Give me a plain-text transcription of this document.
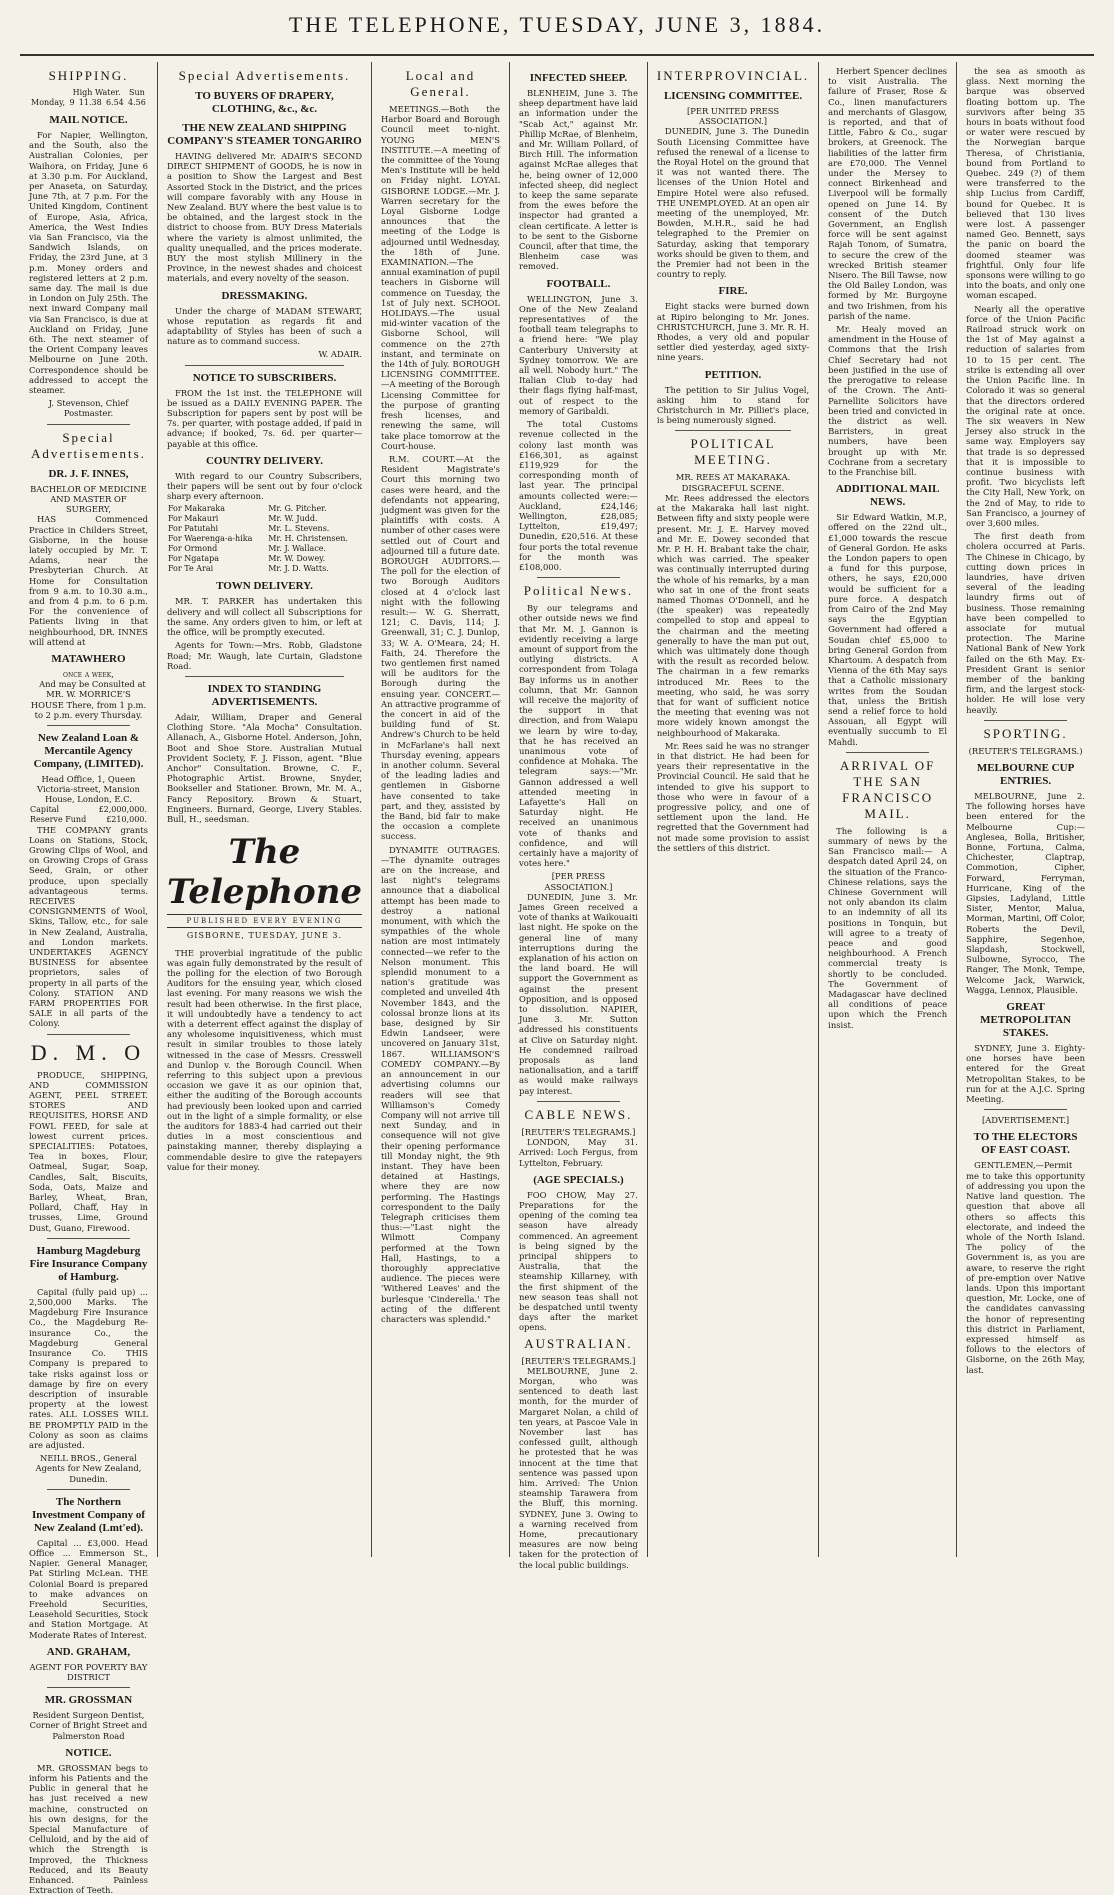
THE TELEPHONE, TUESDAY, JUNE 3, 1884.
SHIPPING.
	High Water.			Sun
Monday,	9	11.38	6.54	4.56
MAIL NOTICE.
For Napier, Wellington, and the South, also the Australian Colonies, per Waihora, on Friday, June 6 at 3.30 p.m. For Auckland, per Anaseta, on Saturday, June 7th, at 7 p.m. For the United Kingdom, Continent of Europe, Asia, Africa, America, the West Indies via San Francisco, via the Sandwich Islands, on Friday, the 23rd June, at 3 p.m. Money orders and registered letters at 2 p.m. same day. The mail is due in London on July 25th. The next inward Company mail via San Francisco, is due at Auckland on Friday, June 6th. The next steamer of the Orient Company leaves Melbourne on June 20th. Correspondence should be addressed to accept the steamer.
J. Stevenson, Chief Postmaster.
Special Advertisements.
DR. J. F. INNES,
BACHELOR OF MEDICINE AND MASTER OF SURGERY,
HAS Commenced Practice in Childers Street, Gisborne, in the house lately occupied by Mr. T. Adams, near the Presbyterian Church. At Home for Consultation from 9 a.m. to 10.30 a.m., and from 4 p.m. to 6 p.m. For the convenience of Patients living in that neighbourhood, DR. INNES will attend at
MATAWHERO
once a week,
And may be Consulted at MR. W. MORRICE'S HOUSE There, from 1 p.m. to 2 p.m. every Thursday.
New Zealand Loan & Mercantile Agency Company, (LIMITED).
Head Office, 1, Queen Victoria-street, Mansion House, London, E.C.
Capital	£2,000,000.
Reserve Fund	£210,000.
THE COMPANY grants Loans on Stations, Stock, Growing Clips of Wool, and on Growing Crops of Grass Seed, Grain, or other produce, upon specially advantageous terms. RECEIVES CONSIGNMENTS of Wool, Skins, Tallow, etc., for sale in New Zealand, Australia, and London markets. UNDERTAKES AGENCY BUSINESS for absentee proprietors, sales of property in all parts of the Colony. STATION AND FARM PROPERTIES FOR SALE in all parts of the Colony.
D. M. O
PRODUCE, SHIPPING, AND COMMISSION AGENT, PEEL STREET. STORES AND REQUISITES, HORSE AND FOWL FEED, for sale at lowest current prices. SPECIALITIES: Potatoes, Tea in boxes, Flour, Oatmeal, Sugar, Soap, Candles, Salt, Biscuits, Soda, Oats, Maize and Barley, Wheat, Bran, Pollard, Chaff, Hay in trusses, Lime, Ground Dust, Guano, Firewood.
Hamburg Magdeburg Fire Insurance Company of Hamburg.
Capital (fully paid up) ... 2,500,000 Marks. The Magdeburg Fire Insurance Co., the Magdeburg Re-insurance Co., the Magdeburg General Insurance Co. THIS Company is prepared to take risks against loss or damage by fire on every description of insurable property at the lowest rates. ALL LOSSES WILL BE PROMPTLY PAID in the Colony as soon as claims are adjusted.
NEILL BROS., General Agents for New Zealand, Dunedin.
The Northern Investment Company of New Zealand (Lmt'ed).
Capital ... £3,000. Head Office ... Emmerson St., Napier. General Manager, Pat Stirling McLean. THE Colonial Board is prepared to make advances on Freehold Securities, Leasehold Securities, Stock and Station Mortgage. At Moderate Rates of Interest.
AND. GRAHAM,
AGENT FOR POVERTY BAY DISTRICT
MR. GROSSMAN
Resident Surgeon Dentist, Corner of Bright Street and Palmerston Road
NOTICE.
MR. GROSSMAN begs to inform his Patients and the Public in general that he has just received a new machine, constructed on his own designs, for the Special Manufacture of Celluloid, and by the aid of which the Strength is Improved, the Thickness Reduced, and its Beauty Enhanced. Painless Extraction of Teeth.
Special Advertisements.
TO BUYERS OF DRAPERY, CLOTHING, &c., &c.
THE NEW ZEALAND SHIPPING COMPANY'S STEAMER TONGARIRO
HAVING delivered Mr. ADAIR'S SECOND DIRECT SHIPMENT of GOODS, he is now in a position to Show the Largest and Best Assorted Stock in the District, and the prices will compare favorably with any House in New Zealand. BUY where the best value is to be obtained, and the largest stock in the district to choose from. BUY Dress Materials where the variety is almost unlimited, the quality unequalled, and the prices moderate. BUY the most stylish Millinery in the Province, in the newest shades and choicest materials, and every novelty of the season.
DRESSMAKING.
Under the charge of MADAM STEWART, whose reputation as regards fit and adaptability of Styles has been of such a nature as to command success.
W. ADAIR.
NOTICE TO SUBSCRIBERS.
FROM the 1st inst. the TELEPHONE will be issued as a DAILY EVENING PAPER. The Subscription for papers sent by post will be 7s. per quarter, with postage added, if paid in advance; if booked, 7s. 6d. per quarter—payable at this office.
COUNTRY DELIVERY.
With regard to our Country Subscribers, their papers will be sent out by four o'clock sharp every afternoon.
For Makaraka	Mr. G. Pitcher.
For Makauri	Mr. W. Judd.
For Patutahi	Mr. L. Stevens.
For Waerenga-a-hika	Mr. H. Christensen.
For Ormond	Mr. J. Wallace.
For Ngatapa	Mr. W. Dowey.
For Te Arai	Mr. J. D. Watts.
TOWN DELIVERY.
MR. T. PARKER has undertaken this delivery and will collect all Subscriptions for the same. Any orders given to him, or left at the office, will be promptly executed.
Agents for Town:—Mrs. Robb, Gladstone Road; Mr. Waugh, late Curtain, Gladstone Road.
INDEX TO STANDING ADVERTISEMENTS.
Adair, William, Draper and General Clothing Store. "Ala Mocha" Consultation. Allanach, A., Gisborne Hotel. Anderson, John, Boot and Shoe Store. Australian Mutual Provident Society, F. J. Fisson, agent. "Blue Anchor" Consultation. Browne, C. F., Photographic Artist. Browne, Snyder, Bookseller and Stationer. Brown, Mr. M. A., Fancy Repository. Brown & Stuart, Engineers. Burnard, George, Livery Stables. Bull, H., seedsman.
The Telephone
PUBLISHED EVERY EVENING
GISBORNE, TUESDAY, JUNE 3.
THE proverbial ingratitude of the public was again fully demonstrated by the result of the polling for the election of two Borough Auditors for the ensuing year, which closed last evening. For many reasons we wish the result had been otherwise. In the first place, it will undoubtedly have a tendency to act with a deterrent effect against the display of any wholesome inquisitiveness, which must result in similar troubles to those lately witnessed in the case of Messrs. Cresswell and Dunlop v. the Borough Council. When referring to this subject upon a previous occasion we gave it as our opinion that, either the auditing of the Borough accounts had previously been looked upon and carried out in the light of a simple formality, or else the auditors for 1883-4 had carried out their duties in a most conscientious and painstaking manner, thereby displaying a commendable desire to give the ratepayers value for their money.
Local and General.
MEETINGS.—Both the Harbor Board and Borough Council meet to-night. YOUNG MEN'S INSTITUTE.—A meeting of the committee of the Young Men's Institute will be held on Friday night. LOYAL GISBORNE LODGE.—Mr. J. Warren secretary for the Loyal Gisborne Lodge announces that the meeting of the Lodge is adjourned until Wednesday, the 18th of June. EXAMINATION.—The annual examination of pupil teachers in Gisborne will commence on Tuesday, the 1st of July next. SCHOOL HOLIDAYS.—The usual mid-winter vacation of the Gisborne School, will commence on the 27th instant, and terminate on the 14th of July. BOROUGH LICENSING COMMITTEE.—A meeting of the Borough Licensing Committee for the purpose of granting fresh licenses, and renewing the same, will take place tomorrow at the Court-house.
R.M. COURT.—At the Resident Magistrate's Court this morning two cases were heard, and the defendants not appearing, judgment was given for the plaintiffs with costs. A number of other cases were settled out of Court and adjourned till a future date. BOROUGH AUDITORS.—The poll for the election of two Borough Auditors closed at 4 o'clock last night with the following result:— W. G. Sherratt, 121; C. Davis, 114; J. Greenwall, 31; C. J. Dunlop, 33; W. A. O'Meara, 24; H. Faith, 24. Therefore the two gentlemen first named will be auditors for the Borough during the ensuing year. CONCERT.—An attractive programme of the concert in aid of the building fund of St. Andrew's Church to be held in McFarlane's hall next Thursday evening, appears in another column. Several of the leading ladies and gentlemen in Gisborne have consented to take part, and they, assisted by the Band, bid fair to make the occasion a complete success.
DYNAMITE OUTRAGES.—The dynamite outrages are on the increase, and last night's telegrams announce that a diabolical attempt has been made to destroy a national monument, with which the sympathies of the whole nation are most intimately connected—we refer to the Nelson monument. This splendid monument to a nation's gratitude was completed and unveiled 4th November 1843, and the colossal bronze lions at its base, designed by Sir Edwin Landseer, were uncovered on January 31st, 1867. WILLIAMSON'S COMEDY COMPANY.—By an announcement in our advertising columns our readers will see that Williamson's Comedy Company will not arrive till next Sunday, and in consequence will not give their opening performance till Monday night, the 9th instant. They have been detained at Hastings, where they are now performing. The Hastings correspondent to the Daily Telegraph criticises them thus:—"Last night the Wilmott Company performed at the Town Hall, Hastings, to a thoroughly appreciative audience. The pieces were 'Withered Leaves' and the burlesque 'Cinderella.' The acting of the different characters was splendid."
INFECTED SHEEP.
BLENHEIM, June 3. The sheep department have laid an information under the "Scab Act," against Mr. Phillip McRae, of Blenheim, and Mr. William Pollard, of Birch Hill. The information against McRae alleges that he, being owner of 12,000 infected sheep, did neglect to keep the same separate from the ewes before the inspector had granted a clean certificate. A letter is to be sent to the Gisborne Council, after that time, the Blenheim case was removed.
FOOTBALL.
WELLINGTON, June 3. One of the New Zealand representatives of the football team telegraphs to a friend here: "We play Canterbury University at Sydney tomorrow. We are all well. Nobody hurt." The Italian Club to-day had their flags flying half-mast, out of respect to the memory of Garibaldi.
The total Customs revenue collected in the colony last month was £166,301, as against £119,929 for the corresponding month of last year. The principal amounts collected were:—Auckland, £24,146; Wellington, £28,085; Lyttelton, £19,497; Dunedin, £20,516. At these four ports the total revenue for the month was £108,000.
Political News.
By our telegrams and other outside news we find that Mr. M. J. Gannon is evidently receiving a large amount of support from the outlying districts. A correspondent from Tolaga Bay informs us in another column, that Mr. Gannon will receive the majority of the support in that direction, and from Waiapu we learn by wire to-day, that he has received an unanimous vote of confidence at Mohaka. The telegram says:—"Mr. Gannon addressed a well attended meeting in Lafayette's Hall on Saturday night. He received an unanimous vote of thanks and confidence, and will certainly have a majority of votes here."
[PER PRESS ASSOCIATION.]
DUNEDIN, June 3. Mr. James Green received a vote of thanks at Waikouaiti last night. He spoke on the general line of many interruptions during the explanation of his action on the land board. He will support the Government as against the present Opposition, and is opposed to dissolution. NAPIER, June 3. Mr. Sutton addressed his constituents at Clive on Saturday night. He condemned railroad proposals as land nationalisation, and a tariff as would make railways pay interest.
CABLE NEWS.
[REUTER'S TELEGRAMS.]
LONDON, May 31. Arrived: Loch Fergus, from Lyttelton, February.
(AGE SPECIALS.)
FOO CHOW, May 27. Preparations for the opening of the coming tea season have already commenced. An agreement is being signed by the principal shippers to Australia, that the steamship Killarney, with the first shipment of the new season teas shall not be despatched until twenty days after the market opens.
AUSTRALIAN.
[REUTER'S TELEGRAMS.]
MELBOURNE, June 2. Morgan, who was sentenced to death last month, for the murder of Margaret Nolan, a child of ten years, at Pascoe Vale in November last has confessed guilt, although he protested that he was innocent at the time that sentence was passed upon him. Arrived: The Union steamship Tarawera from the Bluff, this morning. SYDNEY, June 3. Owing to a warning received from Home, precautionary measures are now being taken for the protection of the local public buildings.
INTERPROVINCIAL.
LICENSING COMMITTEE.
[PER UNITED PRESS ASSOCIATION.]
DUNEDIN, June 3. The Dunedin South Licensing Committee have refused the renewal of a license to the Royal Hotel on the ground that it was not wanted there. The licenses of the Union Hotel and Empire Hotel were also refused. THE UNEMPLOYED. At an open air meeting of the unemployed, Mr. Bowden, M.H.R., said he had telegraphed to the Premier on Saturday, asking that temporary works should be given to them, and the Premier had not been in the country to reply.
FIRE.
Eight stacks were burned down at Ripiro belonging to Mr. Jones. CHRISTCHURCH, June 3. Mr. R. H. Rhodes, a very old and popular settler died yesterday, aged sixty-nine years.
PETITION.
The petition to Sir Julius Vogel, asking him to stand for Christchurch in Mr. Pilliet's place, is being numerously signed.
POLITICAL MEETING.
MR. REES AT MAKARAKA.
DISGRACEFUL SCENE.
Mr. Rees addressed the electors at the Makaraka hall last night. Between fifty and sixty people were present. Mr. J. E. Harvey moved and Mr. E. Dowey seconded that Mr. P. H. H. Brabant take the chair, which was carried. The speaker was continually interrupted during the whole of his remarks, by a man who sat in one of the front seats named Thomas O'Donnell, and he (the speaker) was repeatedly compelled to stop and appeal to the chairman and the meeting generally to have the man put out, which was ultimately done though with the result as recorded below. The chairman in a few remarks introduced Mr. Rees to the meeting, who said, he was sorry that for want of sufficient notice the meeting that evening was not more widely known amongst the neighbourhood of Makaraka.
Mr. Rees said he was no stranger in that district. He had been for years their representative in the Provincial Council. He said that he intended to give his support to those who were in favour of a progressive policy, and one of settlement upon the land. He regretted that the Government had not made some provision to assist the settlers of this district.
Herbert Spencer declines to visit Australia. The failure of Fraser, Rose & Co., linen manufacturers and merchants of Glasgow, is reported, and that of Little, Fabro & Co., sugar brokers, at Greenock. The liabilities of the latter firm are £70,000. The Vennel under the Mersey to connect Birkenhead and Liverpool will be formally opened on June 14. By consent of the Dutch Government, an English force will be sent against Rajah Tonom, of Sumatra, to secure the crew of the wrecked British steamer Nisero. The Bill Tawse, now the Old Bailey London, was formed by Mr. Burgoyne and two Irishmen, from his parish of the name.
Mr. Healy moved an amendment in the House of Commons that the Irish Chief Secretary had not been justified in the use of the prerogative to release of the Crown. The Anti-Parnellite Solicitors have been tried and convicted in the district as well. Barristers, in great numbers, have been brought up with Mr. Cochrane from a secretary to the Franchise bill.
ADDITIONAL MAIL NEWS.
Sir Edward Watkin, M.P., offered on the 22nd ult., £1,000 towards the rescue of General Gordon. He asks the London papers to open a fund for this purpose, others, he says, £20,000 would be sufficient for a pure force. A despatch from Cairo of the 2nd May says the Egyptian Government had offered a Soudan chief £5,000 to bring General Gordon from Khartoum. A despatch from Vienna of the 6th May says that a Catholic missionary writes from the Soudan that, unless the British send a relief force to hold Assouan, all Egypt will eventually succumb to El Mahdi.
ARRIVAL OF THE SAN FRANCISCO MAIL.
The following is a summary of news by the San Francisco mail:— A despatch dated April 24, on the situation of the Franco-Chinese relations, says the Chinese Government will not only abandon its claim to an indemnity of all its positions in Tonquin, but will agree to a treaty of peace and good neighbourhood. A French commercial treaty is shortly to be concluded. The Government of Madagascar have declined all conditions of peace upon which the French insist.
the sea as smooth as glass. Next morning the barque was observed floating bottom up. The survivors after being 35 hours in boats without food or water were rescued by the Norwegian barque Theresa, of Christiania, bound from Portland to Quebec. 249 (?) of them were transferred to the ship Lucius from Cardiff, bound for Quebec. It is believed that 130 lives were lost. A passenger named Geo. Bennett, says the panic on board the doomed steamer was frightful. Only four life sponsons were willing to go into the boats, and only one woman escaped.
Nearly all the operative force of the Union Pacific Railroad struck work on the 1st of May against a reduction of salaries from 10 to 15 per cent. The strike is extending all over the Union Pacific line. In Colorado it was so general that the directors ordered the original rate at once. The six weavers in New Jersey also struck in the same way. Employers say that trade is so depressed that it is impossible to continue business with profit. Two bicyclists left the City Hall, New York, on the 2nd of May, to ride to San Francisco, a journey of over 3,600 miles.
The first death from cholera occurred at Paris. The Chinese in Chicago, by cutting down prices in laundries, have driven several of the leading laundry firms out of business. Those remaining have been compelled to associate for mutual protection. The Marine National Bank of New York failed on the 6th May. Ex-President Grant is senior member of the banking firm, and the largest stock-holder. He will lose very heavily.
SPORTING.
(REUTER'S TELEGRAMS.)
MELBOURNE CUP ENTRIES.
MELBOURNE, June 2. The following horses have been entered for the Melbourne Cup:— Anglesea, Bolla, Britisher, Bonne, Fortuna, Calma, Chichester, Claptrap, Commotion, Cipher, Forward, Ferryman, Hurricane, King of the Gipsies, Ladyland, Little Sister, Mentor, Malua, Morman, Martini, Off Color, Roberts the Devil, Sapphire, Segenhoe, Slapdash, Stockwell, Sulbowne, Syrocco, The Ranger, The Monk, Tempe, Welcome Jack, Warwick, Wagga, Lennox, Plausible.
GREAT METROPOLITAN STAKES.
SYDNEY, June 3. Eighty-one horses have been entered for the Great Metropolitan Stakes, to be run for at the A.J.C. Spring Meeting.
[ADVERTISEMENT.]
TO THE ELECTORS OF EAST COAST.
GENTLEMEN,—Permit me to take this opportunity of addressing you upon the Native land question. The question that above all others so affects this electorate, and indeed the whole of the North Island. The policy of the Government is, as you are aware, to reserve the right of pre-emption over Native lands. Upon this important question, Mr. Locke, one of the candidates canvassing the honor of representing this district in Parliament, expressed himself as follows to the electors of Gisborne, on the 26th May, last.
